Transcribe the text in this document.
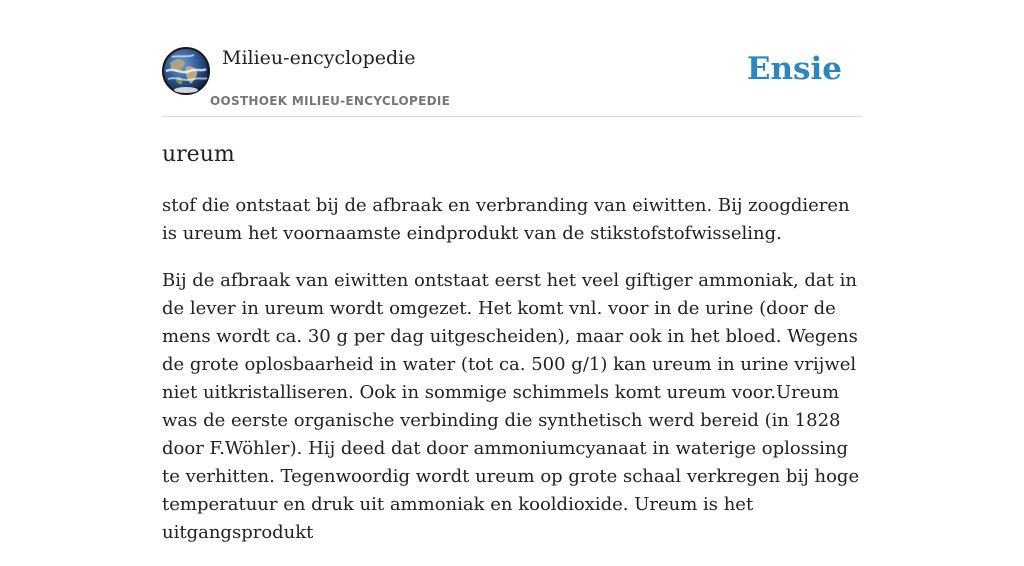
Milieu-encyclopedie
OOSTHOEK MILIEU-ENCYCLOPEDIE
Ensie
ureum

stof die ontstaat bij de afbraak en verbranding van eiwitten. Bij zoogdieren is ureum het voornaamste eindprodukt van de stikstofstofwisseling.

Bij de afbraak van eiwitten ontstaat eerst het veel giftiger ammoniak, dat in de lever in ureum wordt omgezet. Het komt vnl. voor in de urine (door de mens wordt ca. 30 g per dag uitgescheiden), maar ook in het bloed. Wegens de grote oplosbaarheid in water (tot ca. 500 g/1) kan ureum in urine vrijwel niet uitkristalliseren. Ook in sommige schimmels komt ureum voor.Ureum was de eerste organische verbinding die synthetisch werd bereid (in 1828 door F.Wöhler). Hij deed dat door ammoniumcyanaat in waterige oplossing te verhitten. Tegenwoordig wordt ureum op grote schaal verkregen bij hoge temperatuur en druk uit ammoniak en kooldioxide. Ureum is het uitgangsprodukt
